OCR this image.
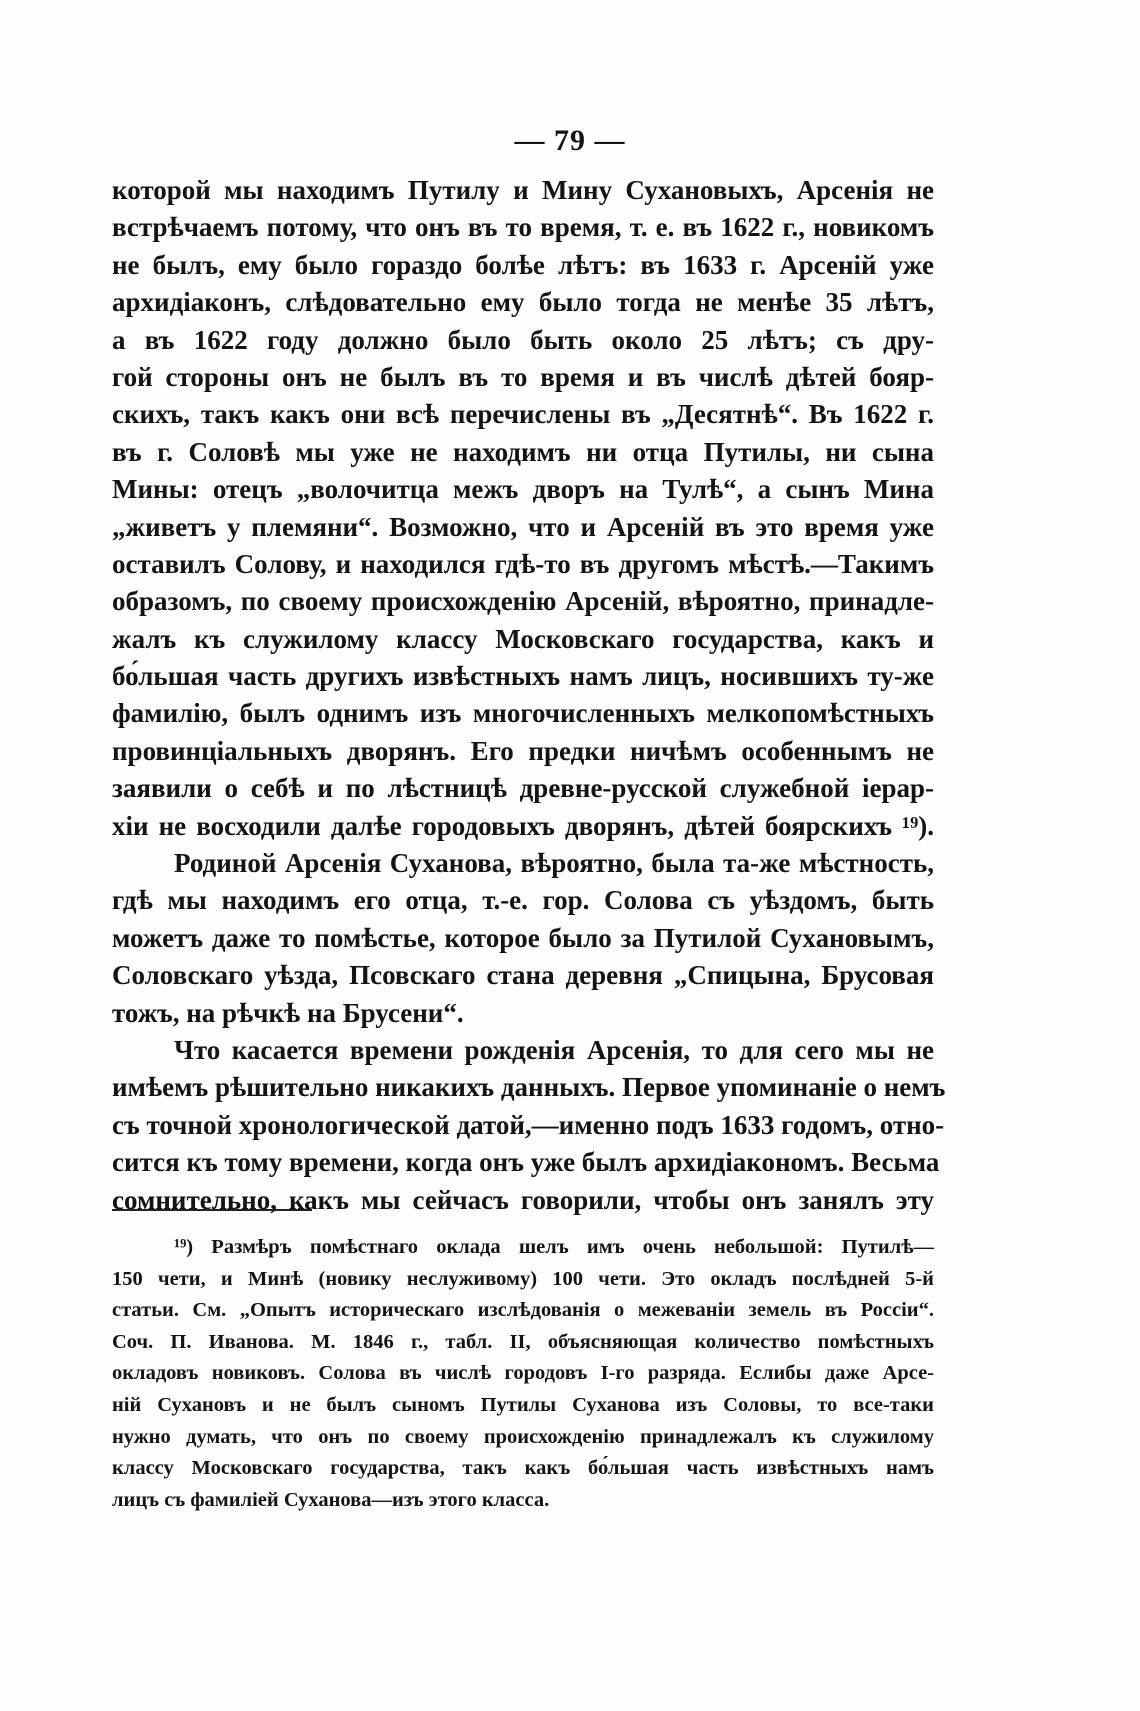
— 79 —
которой мы находимъ Путилу и Мину Сухановыхъ, Арсенія не
встрѣчаемъ потому, что онъ въ то время, т. е. въ 1622 г., новикомъ
не былъ, ему было гораздо болѣе лѣтъ: въ 1633 г. Арсеній уже
архидіаконъ, слѣдовательно ему было тогда не менѣе 35 лѣтъ,
а въ 1622 году должно было быть около 25 лѣтъ; съ дру-
гой стороны онъ не былъ въ то время и въ числѣ дѣтей бояр-
скихъ, такъ какъ они всѣ перечислены въ „Десятнѣ“. Въ 1622 г.
въ г. Соловѣ мы уже не находимъ ни отца Путилы, ни сына
Мины: отецъ „волочитца межъ дворъ на Тулѣ“, а сынъ Мина
„живетъ у племяни“. Возможно, что и Арсеній въ это время уже
оставилъ Солову, и находился гдѣ-то въ другомъ мѣстѣ.—Такимъ
образомъ, по своему происхожденію Арсеній, вѣроятно, принадле-
жалъ къ служилому классу Московскаго государства, какъ и
бо́льшая часть другихъ извѣстныхъ намъ лицъ, носившихъ ту-же
фамилію, былъ однимъ изъ многочисленныхъ мелкопомѣстныхъ
провинціальныхъ дворянъ. Его предки ничѣмъ особеннымъ не
заявили о себѣ и по лѣстницѣ древне-русской служебной іерар-
хіи не восходили далѣе городовыхъ дворянъ, дѣтей боярскихъ ¹⁹).
Родиной Арсенія Суханова, вѣроятно, была та-же мѣстность,
гдѣ мы находимъ его отца, т.-е. гор. Солова съ уѣздомъ, быть
можетъ даже то помѣстье, которое было за Путилой Сухановымъ,
Соловскаго уѣзда, Псовскаго стана деревня „Спицына, Брусовая
тожъ, на рѣчкѣ на Брусени“.
Что касается времени рожденія Арсенія, то для сего мы не
имѣемъ рѣшительно никакихъ данныхъ. Первое упоминаніе о немъ
съ точной хронологической датой,—именно подъ 1633 годомъ, отно-
сится къ тому времени, когда онъ уже былъ архидіакономъ. Весьма
сомнительно, какъ мы сейчасъ говорили, чтобы онъ занялъ эту
¹⁹) Размѣръ помѣстнаго оклада шелъ имъ очень небольшой: Путилѣ—
150 чети, и Минѣ (новику неслуживому) 100 чети. Это окладъ послѣдней 5-й
статьи. См. „Опытъ историческаго изслѣдованія о межеваніи земель въ Россіи“.
Соч. П. Иванова. М. 1846 г., табл. II, объясняющая количество помѣстныхъ
окладовъ новиковъ. Солова въ числѣ городовъ I-го разряда. Еслибы даже Арсе-
ній Сухановъ и не былъ сыномъ Путилы Суханова изъ Соловы, то все-таки
нужно думать, что онъ по своему происхожденію принадлежалъ къ служилому
классу Московскаго государства, такъ какъ бо́льшая часть извѣстныхъ намъ
лицъ съ фамиліей Суханова—изъ этого класса.
